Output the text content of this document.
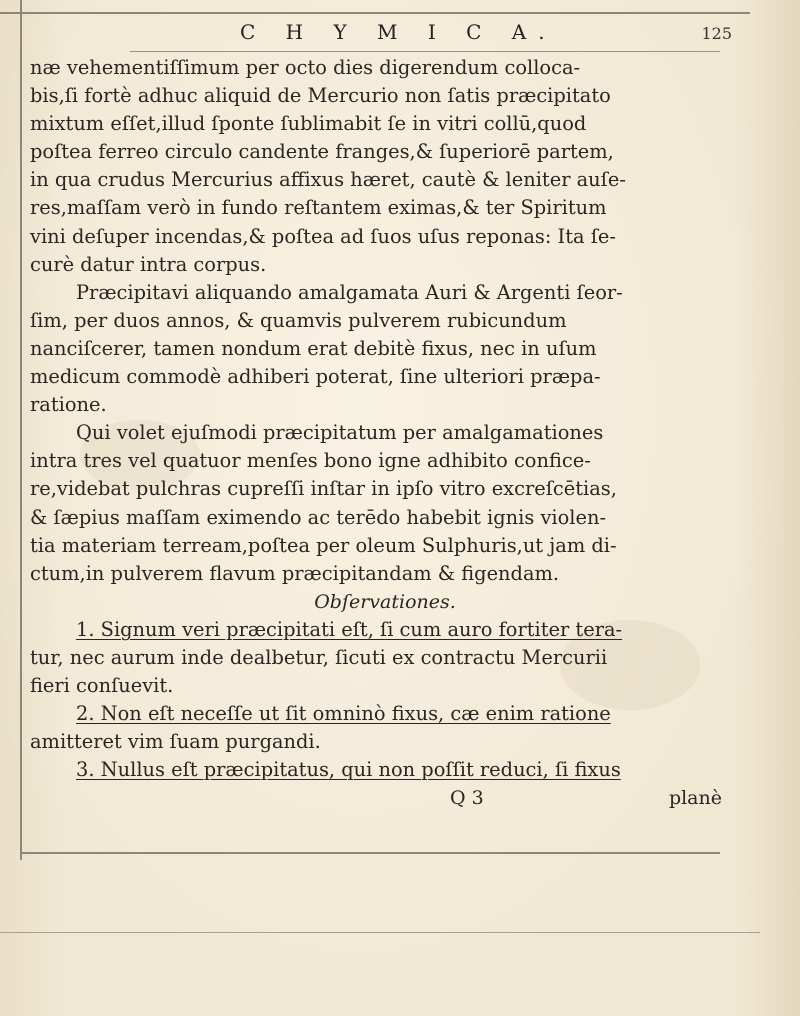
C H Y M I C A.	125

næ vehementiſſimum per octo dies digerendum colloca-
bis,ſi fortè adhuc aliquid de Mercurio non ſatis præcipitato
mixtum eſſet,illud ſponte ſublimabit ſe in vitri collū,quod
poſtea ferreo circulo candente franges,& ſuperiorē partem,
in qua crudus Mercurius affixus hæret, cautè & leniter auſe-
res,maſſam verò in fundo reſtantem eximas,& ter Spiritum
vini deſuper incendas,& poſtea ad ſuos uſus reponas: Ita ſe-
curè datur intra corpus.

Præcipitavi aliquando amalgamata Auri & Argenti ſeor-
ſim, per duos annos, & quamvis pulverem rubicundum
nanciſcerer, tamen nondum erat debitè fixus, nec in uſum
medicum commodè adhiberi poterat, ſine ulteriori præpa-
ratione.

Qui volet ejuſmodi præcipitatum per amalgamationes
intra tres vel quatuor menſes bono igne adhibito confice-
re,videbat pulchras cupreſſi inſtar in ipſo vitro excreſcētias,
& ſæpius maſſam eximendo ac terēdo habebit ignis violen-
tia materiam terream,poſtea per oleum Sulphuris,ut jam di-
ctum,in pulverem flavum præcipitandam & figendam.

Obſervationes.

1. Signum veri præcipitati eſt, ſi cum auro fortiter tera-
tur, nec aurum inde dealbetur, ſicuti ex contractu Mercurii
fieri conſuevit.

2. Non eſt neceſſe ut ſit omninò fixus, cæ enim ratione
amitteret vim ſuam purgandi.

3. Nullus eſt præcipitatus, qui non poſſit reduci, ſi fixus

Q 3	planè
